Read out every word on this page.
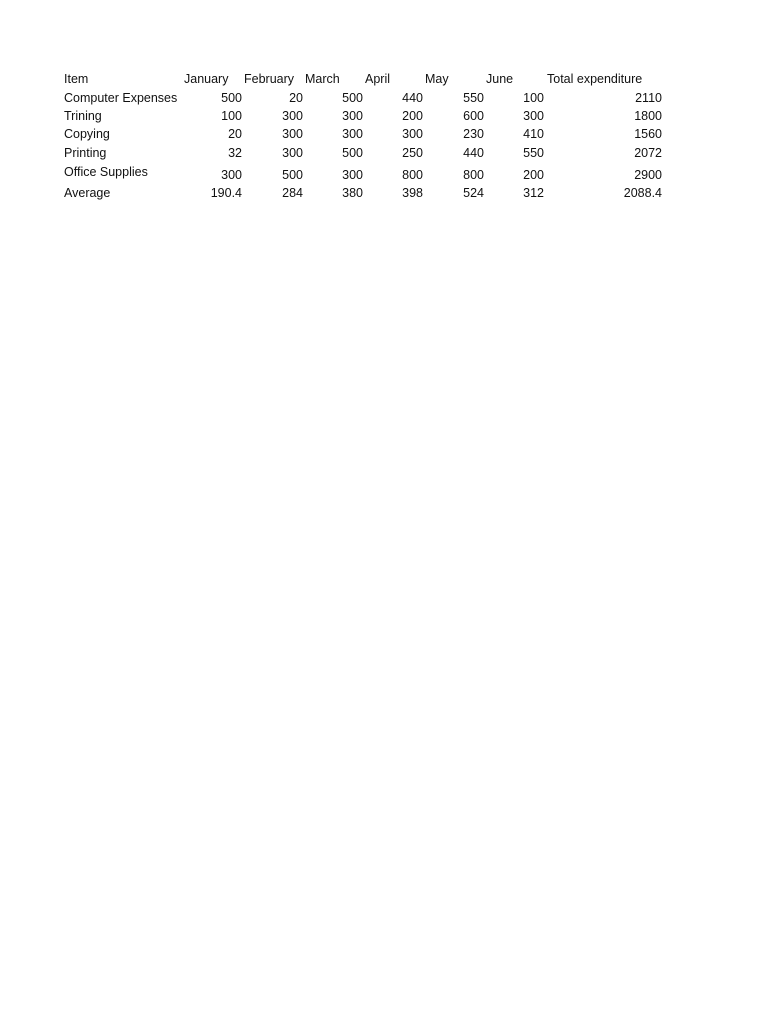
Item	January	February March	April	May	June	Total expenditure
Computer Expenses	500	20	500	440	550	100	2110
Trining	100	300	300	200	600	300	1800
Copying	20	300	300	300	230	410	1560
Printing	32	300	500	250	440	550	2072
Office Supplies	300	500	300	800	800	200	2900
Average	190.4	284	380	398	524	312	2088.4
